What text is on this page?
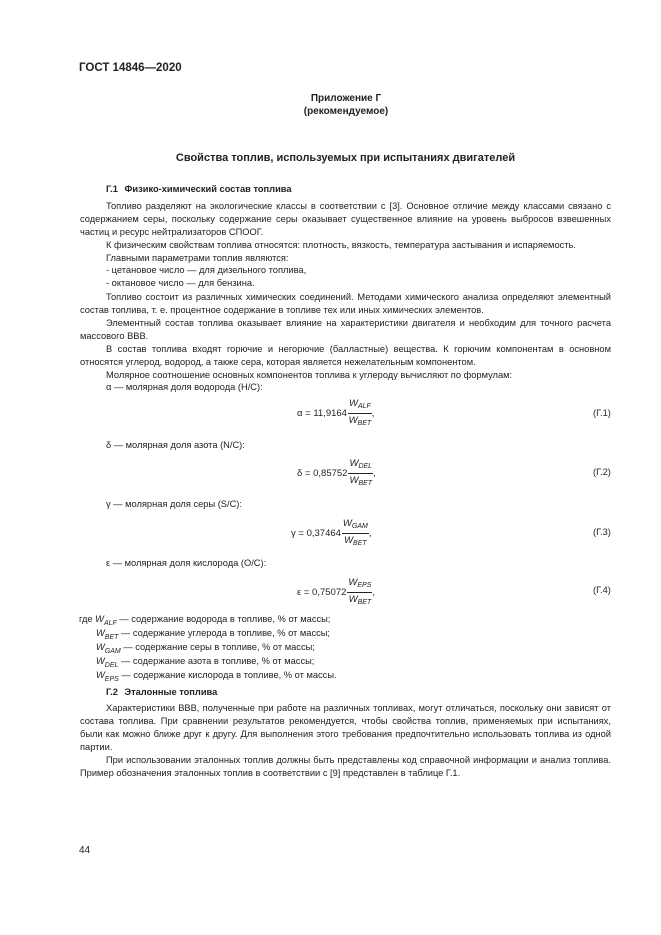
ГОСТ 14846—2020
Приложение Г
(рекомендуемое)
Свойства топлив, используемых при испытаниях двигателей
Г.1 Физико-химический состав топлива
Топливо разделяют на экологические классы в соответствии с [3]. Основное отличие между классами связано с содержанием серы, поскольку содержание серы оказывает существенное влияние на уровень выбросов взвешенных частиц и ресурс нейтрализаторов СПООГ.
К физическим свойствам топлива относятся: плотность, вязкость, температура застывания и испаряемость.
Главными параметрами топлив являются:
- цетановое число — для дизельного топлива,
- октановое число — для бензина.
Топливо состоит из различных химических соединений. Методами химического анализа определяют элементный состав топлива, т. е. процентное содержание в топливе тех или иных химических элементов.
Элементный состав топлива оказывает влияние на характеристики двигателя и необходим для точного расчета массового ВВВ.
В состав топлива входят горючие и негорючие (балластные) вещества. К горючим компонентам в основном относятся углерод, водород, а также сера, которая является нежелательным компонентом.
Молярное соотношение основных компонентов топлива к углероду вычисляют по формулам:
α — молярная доля водорода (H/C):
$\alpha = 11,9164 \frac{W_{ALF}}{W_{BET}}$ ,	(Г.1)
δ — молярная доля азота (N/C):
$\delta = 0,85752 \frac{W_{DEL}}{W_{BET}}$ ,	(Г.2)
γ — молярная доля серы (S/C):
$\gamma = 0,37464 \frac{W_{GAM}}{W_{BET}}$ ,	(Г.3)
ε — молярная доля кислорода (O/C):
$\varepsilon = 0,75072 \frac{W_{EPS}}{W_{BET}}$ ,	(Г.4)
где $W_{ALF}$ — содержание водорода в топливе, % от массы;
$W_{BET}$ — содержание углерода в топливе, % от массы;
$W_{GAM}$ — содержание серы в топливе, % от массы;
$W_{DEL}$ — содержание азота в топливе, % от массы;
$W_{EPS}$ — содержание кислорода в топливе, % от массы.
Г.2 Эталонные топлива
Характеристики ВВВ, полученные при работе на различных топливах, могут отличаться, поскольку они зависят от состава топлива. При сравнении результатов рекомендуется, чтобы свойства топлив, применяемых при испытаниях, были как можно ближе друг к другу. Для выполнения этого требования предпочтительно использовать топлива из одной партии.
При использовании эталонных топлив должны быть представлены код справочной информации и анализ топлива. Пример обозначения эталонных топлив в соответствии с [9] представлен в таблице Г.1.
44
